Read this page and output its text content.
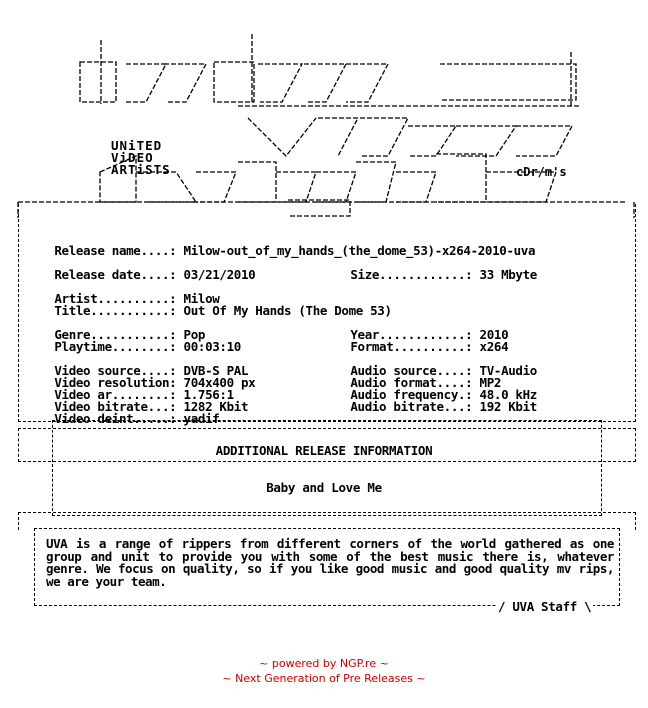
UNiTED
ViDEO
ARTiSTS	cDr/m's

Release name....: Milow-out_of_my_hands_(the_dome_53)-x264-2010-uva

Release date....: 03/21/2010	Size............: 33 Mbyte

Artist..........: Milow

Title...........: Out Of My Hands (The Dome 53)

Genre...........: Pop	Year............: 2010

Playtime........: 00:03:10	Format..........: x264

Video source....: DVB-S PAL	Audio source....: TV-Audio

Video resolution: 704x400 px	Audio format....: MP2

Video ar........: 1.756:1	Audio frequency.: 48.0 kHz

Video bitrate...: 1282 Kbit	Audio bitrate...: 192 Kbit

Video deint.....: yadif

ADDITIONAL RELEASE INFORMATION
Baby and Love Me
UVA is a range of rippers from different corners of the world gathered as one group and unit to provide you with some of the best music there is, whatever genre. We focus on quality, so if you like good music and good quality mv rips, we are your team.
/ UVA Staff \
~ powered by NGP.re ~
~ Next Generation of Pre Releases ~
